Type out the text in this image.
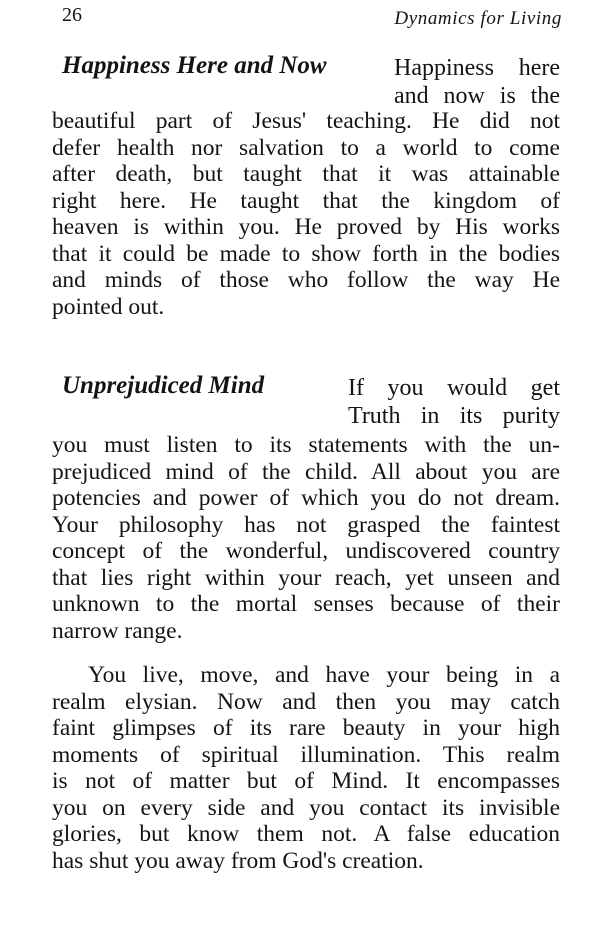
26	Dynamics for Living
Happiness Here and Now	Happiness here
and now is the
beautiful part of Jesus' teaching. He did not
defer health nor salvation to a world to come
after death, but taught that it was attainable
right here. He taught that the kingdom of
heaven is within you. He proved by His works
that it could be made to show forth in the bodies
and minds of those who follow the way He
pointed out.
Unprejudiced Mind	If you would get
Truth in its purity
you must listen to its statements with the un-
prejudiced mind of the child. All about you are
potencies and power of which you do not dream.
Your philosophy has not grasped the faintest
concept of the wonderful, undiscovered country
that lies right within your reach, yet unseen and
unknown to the mortal senses because of their
narrow range.
You live, move, and have your being in a
realm elysian. Now and then you may catch
faint glimpses of its rare beauty in your high
moments of spiritual illumination. This realm
is not of matter but of Mind. It encompasses
you on every side and you contact its invisible
glories, but know them not. A false education
has shut you away from God's creation.
